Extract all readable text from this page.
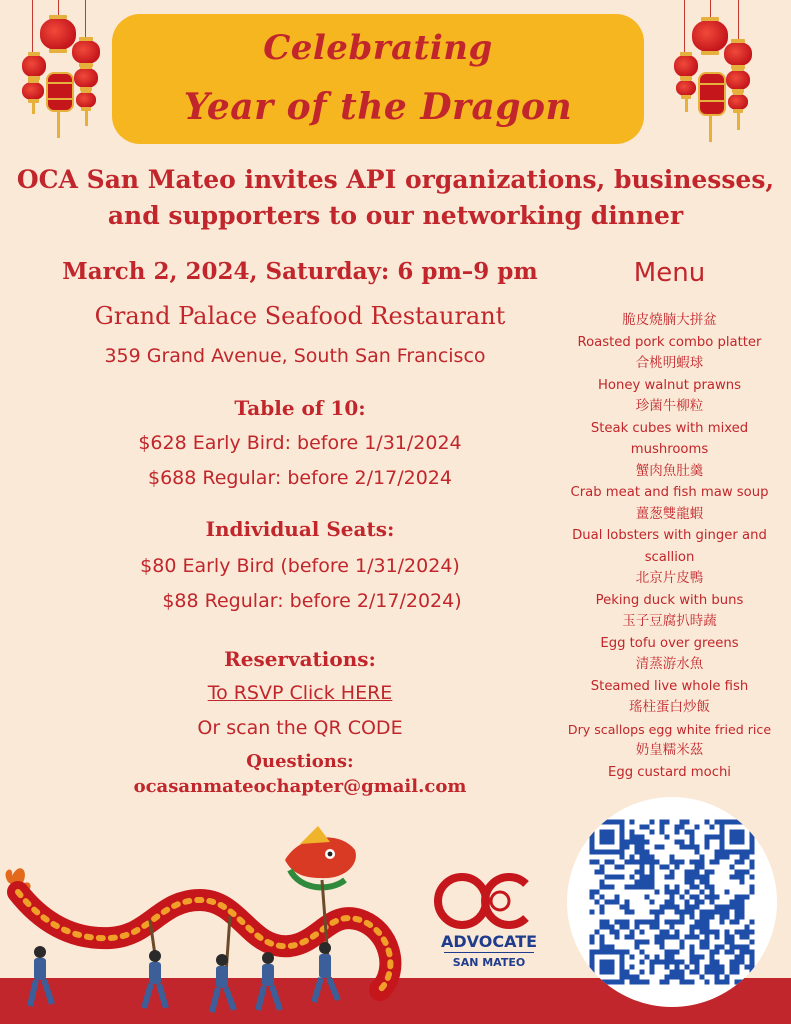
Celebrating
Year of the Dragon
OCA San Mateo invites API organizations, businesses,
and supporters to our networking dinner
March 2, 2024, Saturday: 6 pm–9 pm
Grand Palace Seafood Restaurant
359 Grand Avenue, South San Francisco
Table of 10:
$628 Early Bird: before 1/31/2024
$688 Regular: before 2/17/2024
Individual Seats:
$80 Early Bird (before 1/31/2024)
$88 Regular: before 2/17/2024)
Reservations:
To RSVP Click HERE
Or scan the QR CODE
Questions:
ocasanmateochapter@gmail.com
Menu
脆皮燒腩大拼盆
Roasted pork combo platter
合桃明蝦球
Honey walnut prawns
珍菌牛柳粒
Steak cubes with mixed mushrooms
蟹肉魚肚羹
Crab meat and fish maw soup
薑葱雙龍蝦
Dual lobsters with ginger and scallion
北京片皮鴨
Peking duck with buns
玉子豆腐扒時蔬
Egg tofu over greens
清蒸游水魚
Steamed live whole fish
瑤柱蛋白炒飯
Dry scallops egg white fried rice
奶皇糯米茲
Egg custard mochi
ADVOCATE
SAN MATEO
